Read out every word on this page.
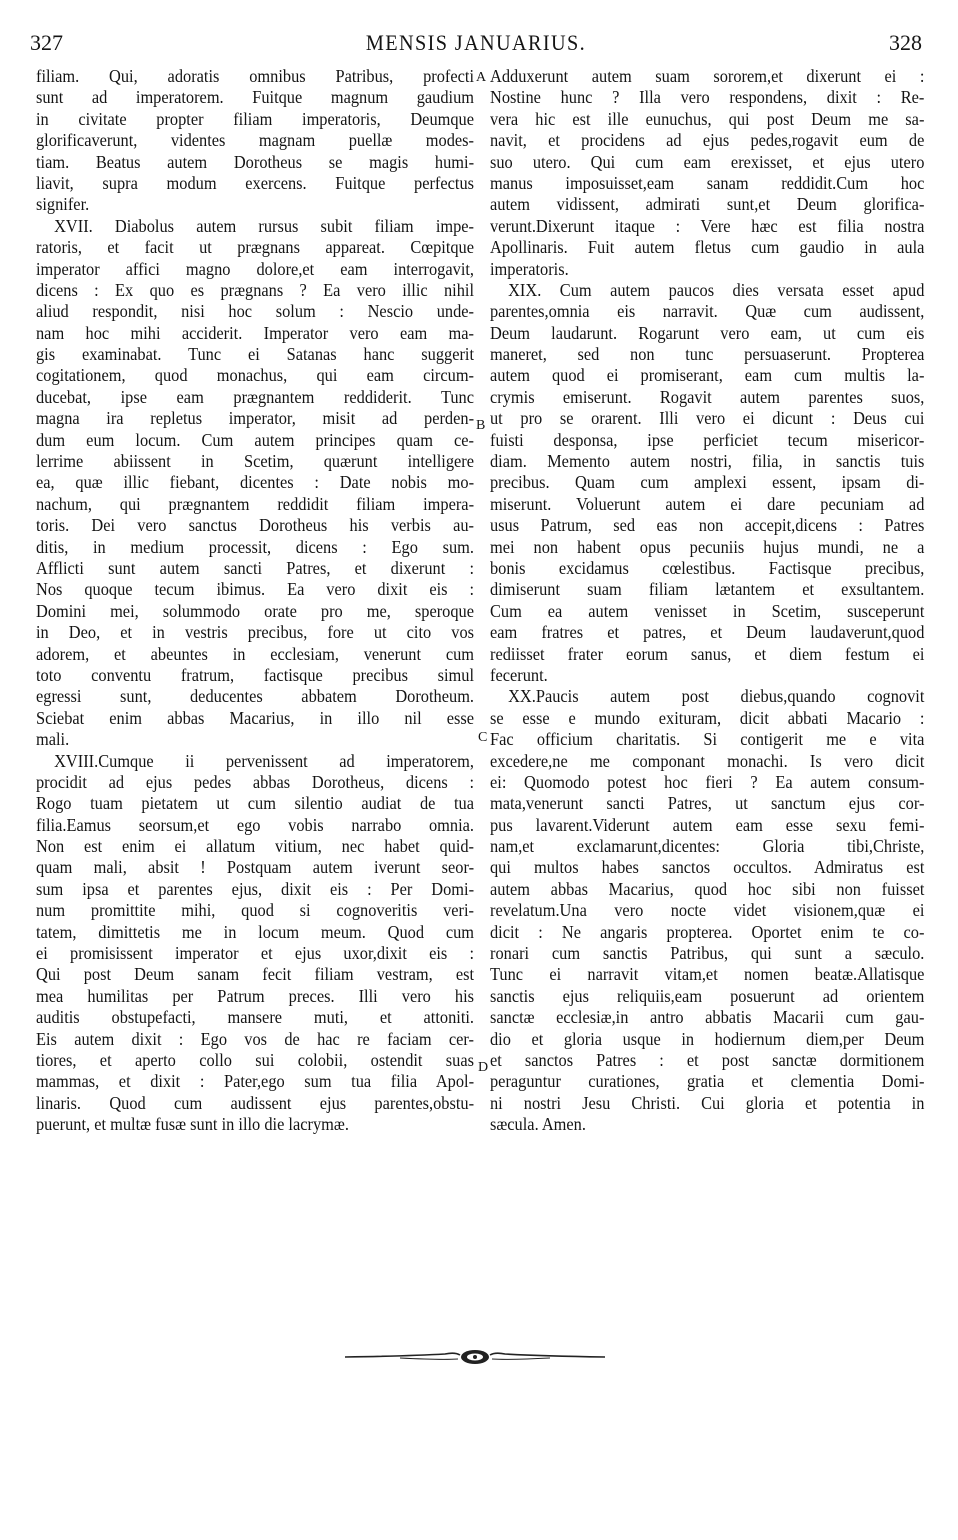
327	MENSIS JANUARIUS.	328
filiam. Qui, adoratis omnibus Patribus, profecti
sunt ad imperatorem. Fuitque magnum gaudium
in civitate propter filiam imperatoris, Deumque
glorificaverunt, videntes magnam puellæ modes-
tiam. Beatus autem Dorotheus se magis humi-
liavit, supra modum exercens. Fuitque perfectus
signifer.
XVII. Diabolus autem rursus subit filiam impe-
ratoris, et facit ut prægnans appareat. Cœpitque
imperator affici magno dolore,et eam interrogavit,
dicens : Ex quo es prægnans ? Ea vero illic nihil
aliud respondit, nisi hoc solum : Nescio unde-
nam hoc mihi acciderit. Imperator vero eam ma-
gis examinabat. Tunc ei Satanas hanc suggerit
cogitationem, quod monachus, qui eam circum-
ducebat, ipse eam prægnantem reddiderit. Tunc
magna ira repletus imperator, misit ad perden-
dum eum locum. Cum autem principes quam ce-
lerrime abiissent in Scetim, quærunt intelligere
ea, quæ illic fiebant, dicentes : Date nobis mo-
nachum, qui prægnantem reddidit filiam impera-
toris. Dei vero sanctus Dorotheus his verbis au-
ditis, in medium processit, dicens : Ego sum.
Afflicti sunt autem sancti Patres, et dixerunt :
Nos quoque tecum ibimus. Ea vero dixit eis :
Domini mei, solummodo orate pro me, speroque
in Deo, et in vestris precibus, fore ut cito vos
adorem, et abeuntes in ecclesiam, venerunt cum
toto conventu fratrum, factisque precibus simul
egressi sunt, deducentes abbatem Dorotheum.
Sciebat enim abbas Macarius, in illo nil esse
mali.
XVIII.Cumque ii pervenissent ad imperatorem,
procidit ad ejus pedes abbas Dorotheus, dicens :
Rogo tuam pietatem ut cum silentio audiat de tua
filia.Eamus seorsum,et ego vobis narrabo omnia.
Non est enim ei allatum vitium, nec habet quid-
quam mali, absit ! Postquam autem iverunt seor-
sum ipsa et parentes ejus, dixit eis : Per Domi-
num promittite mihi, quod si cognoveritis veri-
tatem, dimittetis me in locum meum. Quod cum
ei promisissent imperator et ejus uxor,dixit eis :
Qui post Deum sanam fecit filiam vestram, est
mea humilitas per Patrum preces. Illi vero his
auditis obstupefacti, mansere muti, et attoniti.
Eis autem dixit : Ego vos de hac re faciam cer-
tiores, et aperto collo sui colobii, ostendit suas
mammas, et dixit : Pater,ego sum tua filia Apol-
linaris. Quod cum audissent ejus parentes,obstu-
puerunt, et multæ fusæ sunt in illo die lacrymæ.
Adduxerunt autem suam sororem,et dixerunt ei :
Nostine hunc ? Illa vero respondens, dixit : Re-
vera hic est ille eunuchus, qui post Deum me sa-
navit, et procidens ad ejus pedes,rogavit eum de
suo utero. Qui cum eam erexisset, et ejus utero
manus imposuisset,eam sanam reddidit.Cum hoc
autem vidissent, admirati sunt,et Deum glorifica-
verunt.Dixerunt itaque : Vere hæc est filia nostra
Apollinaris. Fuit autem fletus cum gaudio in aula
imperatoris.
XIX. Cum autem paucos dies versata esset apud
parentes,omnia eis narravit. Quæ cum audissent,
Deum laudarunt. Rogarunt vero eam, ut cum eis
maneret, sed non tunc persuaserunt. Propterea
autem quod ei promiserant, eam cum multis la-
crymis emiserunt. Rogavit autem parentes suos,
ut pro se orarent. Illi vero ei dicunt : Deus cui
fuisti desponsa, ipse perficiet tecum misericor-
diam. Memento autem nostri, filia, in sanctis tuis
precibus. Quam cum amplexi essent, ipsam di-
miserunt. Voluerunt autem ei dare pecuniam ad
usus Patrum, sed eas non accepit,dicens : Patres
mei non habent opus pecuniis hujus mundi, ne a
bonis excidamus cœlestibus. Factisque precibus,
dimiserunt suam filiam lætantem et exsultantem.
Cum ea autem venisset in Scetim, susceperunt
eam fratres et patres, et Deum laudaverunt,quod
rediisset frater eorum sanus, et diem festum ei
fecerunt.
XX.Paucis autem post diebus,quando cognovit
se esse e mundo exituram, dicit abbati Macario :
Fac officium charitatis. Si contigerit me e vita
excedere,ne me componant monachi. Is vero dicit
ei: Quomodo potest hoc fieri ? Ea autem consum-
mata,venerunt sancti Patres, ut sanctum ejus cor-
pus lavarent.Viderunt autem eam esse sexu femi-
nam,et exclamarunt,dicentes: Gloria tibi,Christe,
qui multos habes sanctos occultos. Admiratus est
autem abbas Macarius, quod hoc sibi non fuisset
revelatum.Una vero nocte videt visionem,quæ ei
dicit : Ne angaris propterea. Oportet enim te co-
ronari cum sanctis Patribus, qui sunt a sæculo.
Tunc ei narravit vitam,et nomen beatæ.Allatisque
sanctis ejus reliquiis,eam posuerunt ad orientem
sanctæ ecclesiæ,in antro abbatis Macarii cum gau-
dio et gloria usque in hodiernum diem,per Deum
et sanctos Patres : et post sanctæ dormitionem
peraguntur curationes, gratia et clementia Domi-
ni nostri Jesu Christi. Cui gloria et potentia in
sæcula. Amen.
A
B
C
D
